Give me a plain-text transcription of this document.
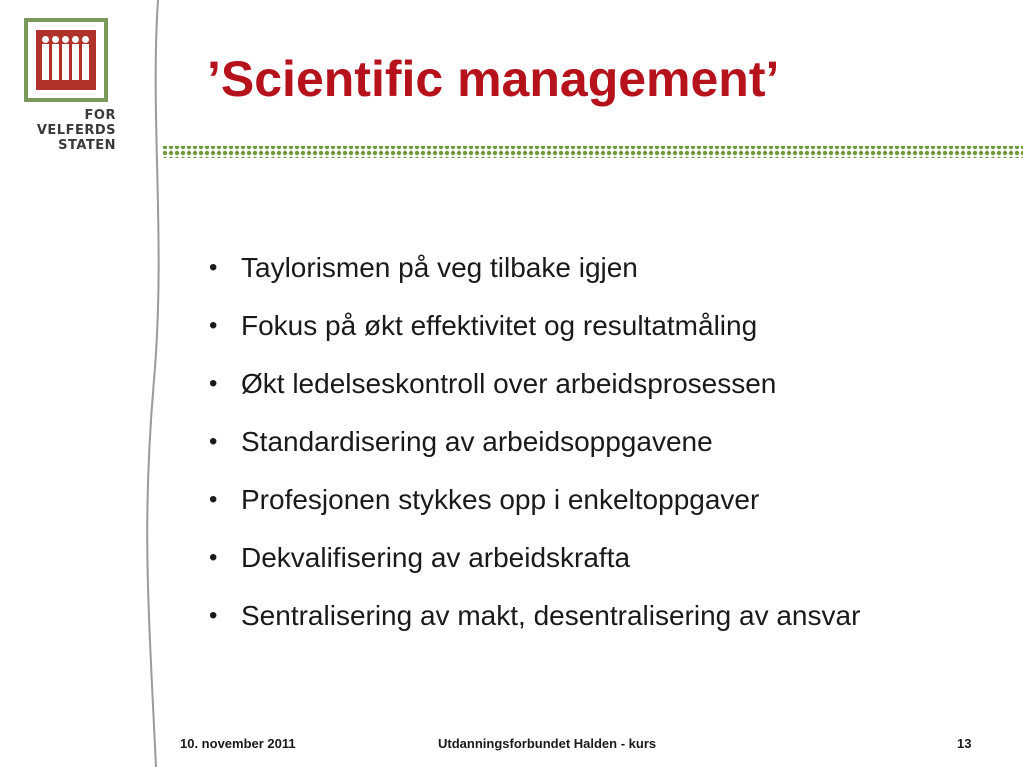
FOR
VELFERDS
STATEN
’Scientific management’
• Taylorismen på veg tilbake igjen
• Fokus på økt effektivitet og resultatmåling
• Økt ledelseskontroll over arbeidsprosessen
• Standardisering av arbeidsoppgavene
• Profesjonen stykkes opp i enkeltoppgaver
• Dekvalifisering av arbeidskrafta
• Sentralisering av makt, desentralisering av ansvar
10. november 2011	Utdanningsforbundet Halden - kurs	13
